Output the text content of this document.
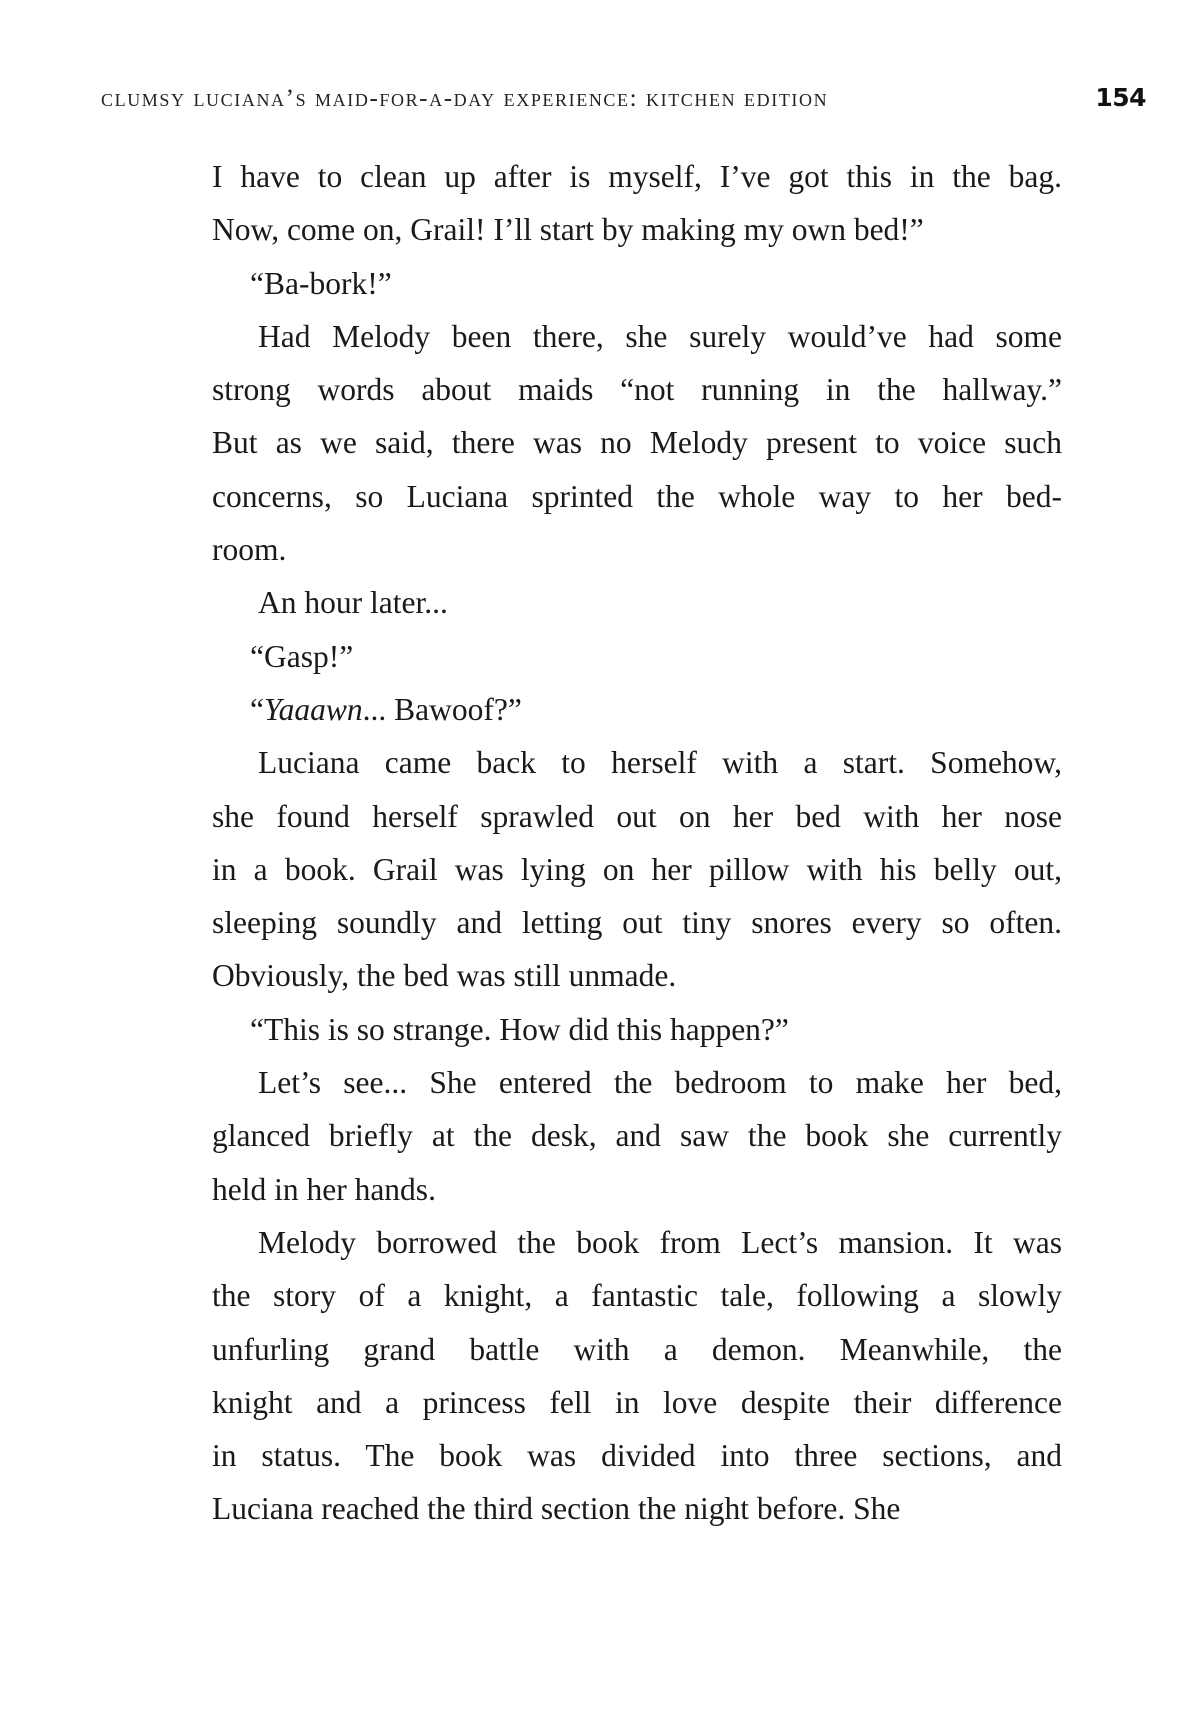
clumsy luciana’s maid-for-a-day experience: kitchen edition	154
I have to clean up after is myself, I’ve got this in the bag.
Now, come on, Grail! I’ll start by making my own bed!”
“Ba-bork!”
Had Melody been there, she surely would’ve had some
strong words about maids “not running in the hallway.”
But as we said, there was no Melody present to voice such
concerns, so Luciana sprinted the whole way to her bed-
room.
An hour later...
“Gasp!”
“Yaaawn... Bawoof?”
Luciana came back to herself with a start. Somehow,
she found herself sprawled out on her bed with her nose
in a book. Grail was lying on her pillow with his belly out,
sleeping soundly and letting out tiny snores every so often.
Obviously, the bed was still unmade.
“This is so strange. How did this happen?”
Let’s see... She entered the bedroom to make her bed,
glanced briefly at the desk, and saw the book she currently
held in her hands.
Melody borrowed the book from Lect’s mansion. It was
the story of a knight, a fantastic tale, following a slowly
unfurling grand battle with a demon. Meanwhile, the
knight and a princess fell in love despite their difference
in status. The book was divided into three sections, and
Luciana reached the third section the night before. She
